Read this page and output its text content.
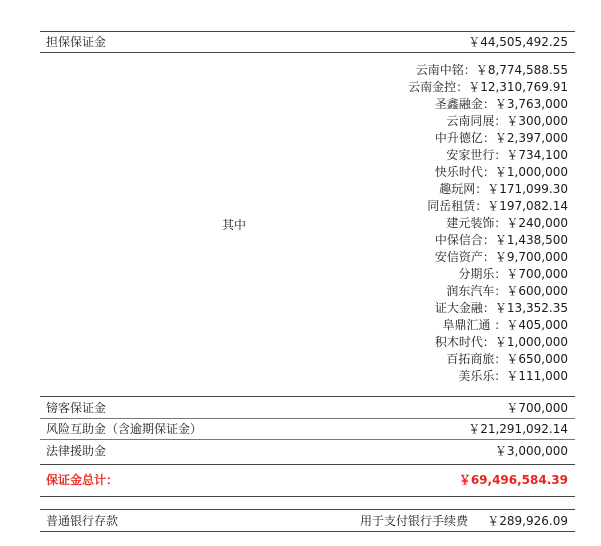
担保保证金	￥44,505,492.25
其中
云南中铭：￥8,774,588.55
云南金控：￥12,310,769.91
圣鑫融金：￥3,763,000
云南同展：￥300,000
中升德亿：￥2,397,000
安家世行：￥734,100
快乐时代：￥1,000,000
趣玩网：￥171,099.30
同岳租赁：￥197,082.14
建元装饰：￥240,000
中保信合：￥1,438,500
安信资产：￥9,700,000
分期乐：￥700,000
润东汽车：￥600,000
证大金融：￥13,352.35
阜鼎汇通 ：￥405,000
积木时代：￥1,000,000
百拓商旅：￥650,000
美乐乐：￥111,000
镑客保证金	￥700,000
风险互助金（含逾期保证金）	￥21,291,092.14
法律援助金	￥3,000,000
保证金总计：	￥69,496,584.39
普通银行存款	用于支付银行手续费 ￥289,926.09
